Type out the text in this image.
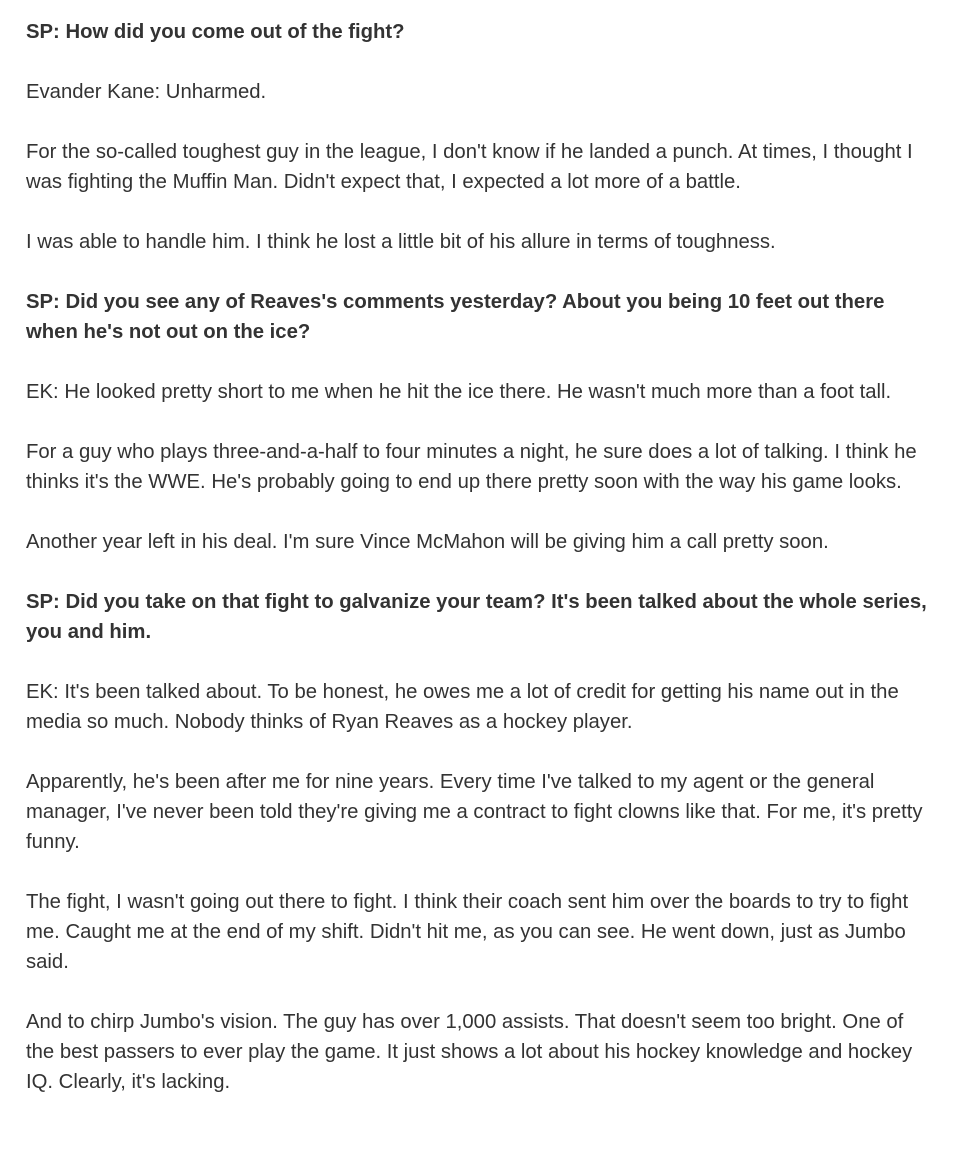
SP: How did you come out of the fight?

Evander Kane: Unharmed.

For the so-called toughest guy in the league, I don't know if he landed a punch. At times, I thought I was fighting the Muffin Man. Didn't expect that, I expected a lot more of a battle.

I was able to handle him. I think he lost a little bit of his allure in terms of toughness.

SP: Did you see any of Reaves's comments yesterday? About you being 10 feet out there when he's not out on the ice?

EK: He looked pretty short to me when he hit the ice there. He wasn't much more than a foot tall.

For a guy who plays three-and-a-half to four minutes a night, he sure does a lot of talking. I think he thinks it's the WWE. He's probably going to end up there pretty soon with the way his game looks.

Another year left in his deal. I'm sure Vince McMahon will be giving him a call pretty soon.

SP: Did you take on that fight to galvanize your team? It's been talked about the whole series, you and him.

EK: It's been talked about. To be honest, he owes me a lot of credit for getting his name out in the media so much. Nobody thinks of Ryan Reaves as a hockey player.

Apparently, he's been after me for nine years. Every time I've talked to my agent or the general manager, I've never been told they're giving me a contract to fight clowns like that. For me, it's pretty funny.

The fight, I wasn't going out there to fight. I think their coach sent him over the boards to try to fight me. Caught me at the end of my shift. Didn't hit me, as you can see. He went down, just as Jumbo said.

And to chirp Jumbo's vision. The guy has over 1,000 assists. That doesn't seem too bright. One of the best passers to ever play the game. It just shows a lot about his hockey knowledge and hockey IQ. Clearly, it's lacking.
